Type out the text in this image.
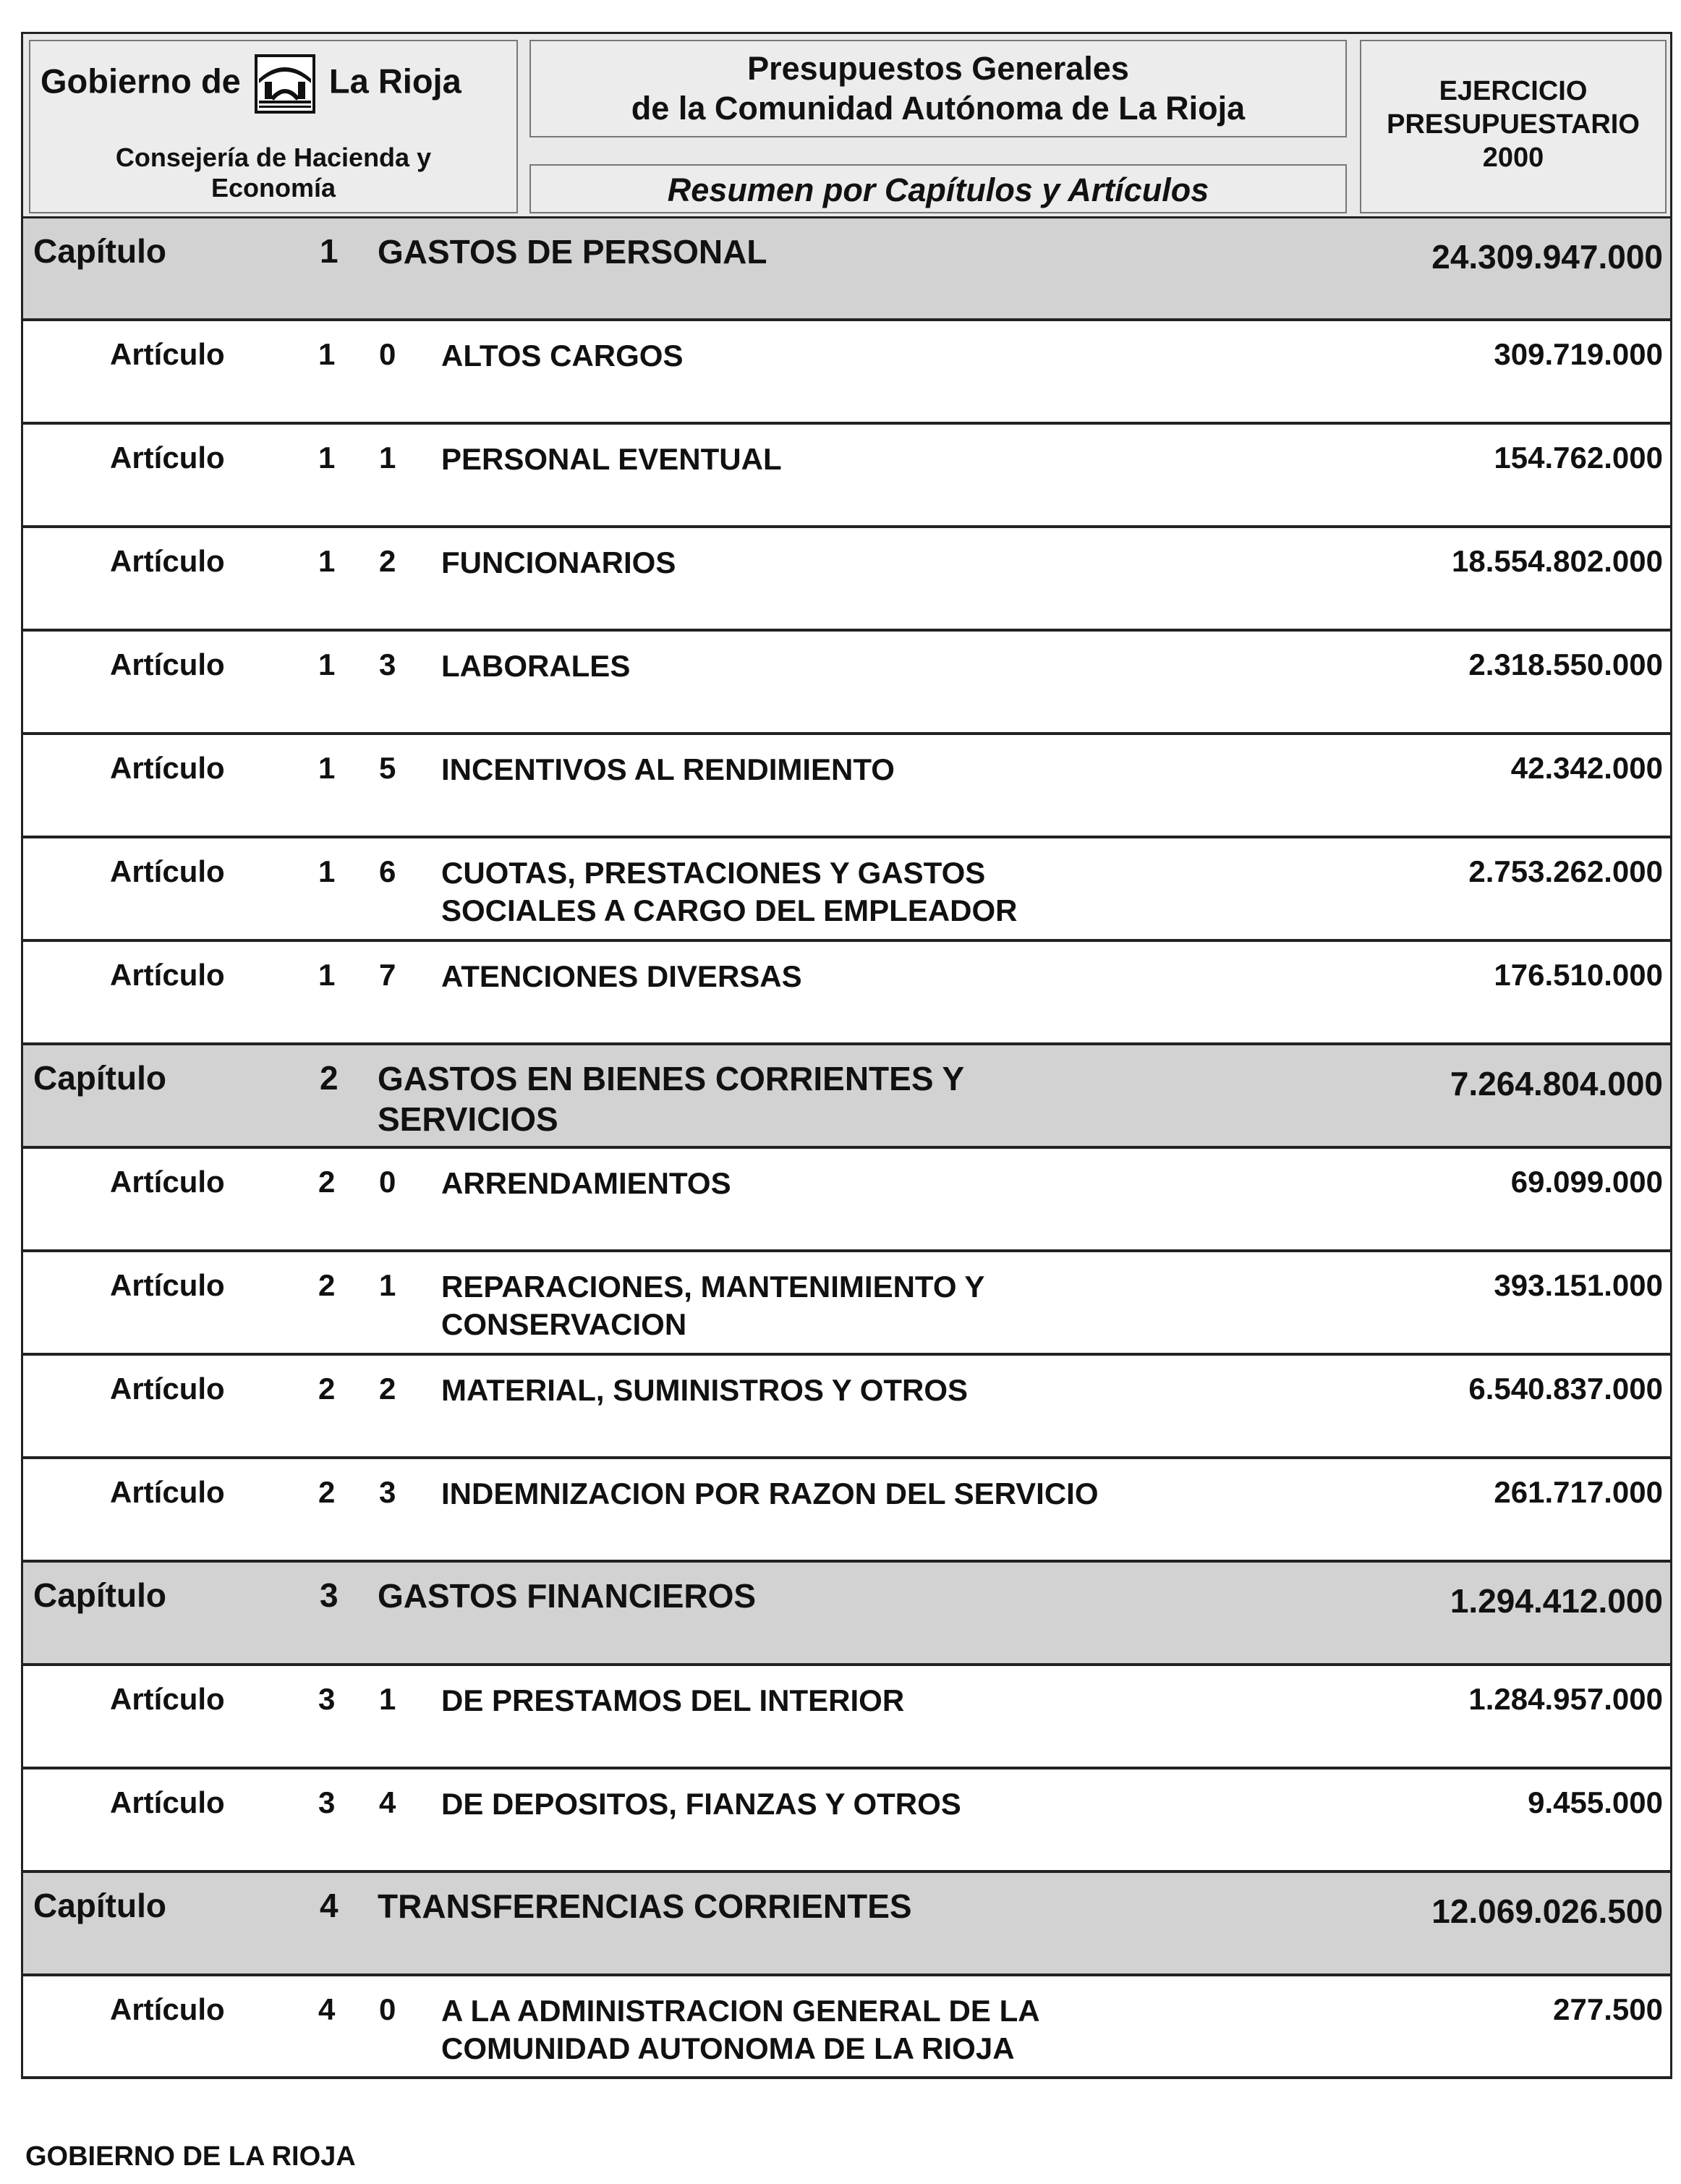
Gobierno de	La Rioja
Consejería de Hacienda y
Economía
Presupuestos Generales
de la Comunidad Autónoma de La Rioja
Resumen por Capítulos y Artículos
EJERCICIO
PRESUPUESTARIO
2000
Capítulo	1 GASTOS DE PERSONAL	24.309.947.000
Artículo	1 0 ALTOS CARGOS	309.719.000
Artículo	1 1 PERSONAL EVENTUAL	154.762.000
Artículo	1 2 FUNCIONARIOS	18.554.802.000
Artículo	1 3 LABORALES	2.318.550.000
Artículo	1 5 INCENTIVOS AL RENDIMIENTO	42.342.000
Artículo	1 6 CUOTAS, PRESTACIONES Y GASTOS
SOCIALES A CARGO DEL EMPLEADOR
2.753.262.000
Artículo	1 7 ATENCIONES DIVERSAS	176.510.000
Capítulo	2 GASTOS EN BIENES CORRIENTES Y
SERVICIOS
7.264.804.000
Artículo	2 0 ARRENDAMIENTOS	69.099.000
Artículo	2 1 REPARACIONES, MANTENIMIENTO Y
CONSERVACION
393.151.000
Artículo	2 2 MATERIAL, SUMINISTROS Y OTROS	6.540.837.000
Artículo	2 3 INDEMNIZACION POR RAZON DEL SERVICIO	261.717.000
Capítulo	3 GASTOS FINANCIEROS	1.294.412.000
Artículo	3 1 DE PRESTAMOS DEL INTERIOR	1.284.957.000
Artículo	3 4 DE DEPOSITOS, FIANZAS Y OTROS	9.455.000
Capítulo	4 TRANSFERENCIAS CORRIENTES	12.069.026.500
Artículo	4 0 A LA ADMINISTRACION GENERAL DE LA
COMUNIDAD AUTONOMA DE LA RIOJA
277.500
GOBIERNO DE LA RIOJA
